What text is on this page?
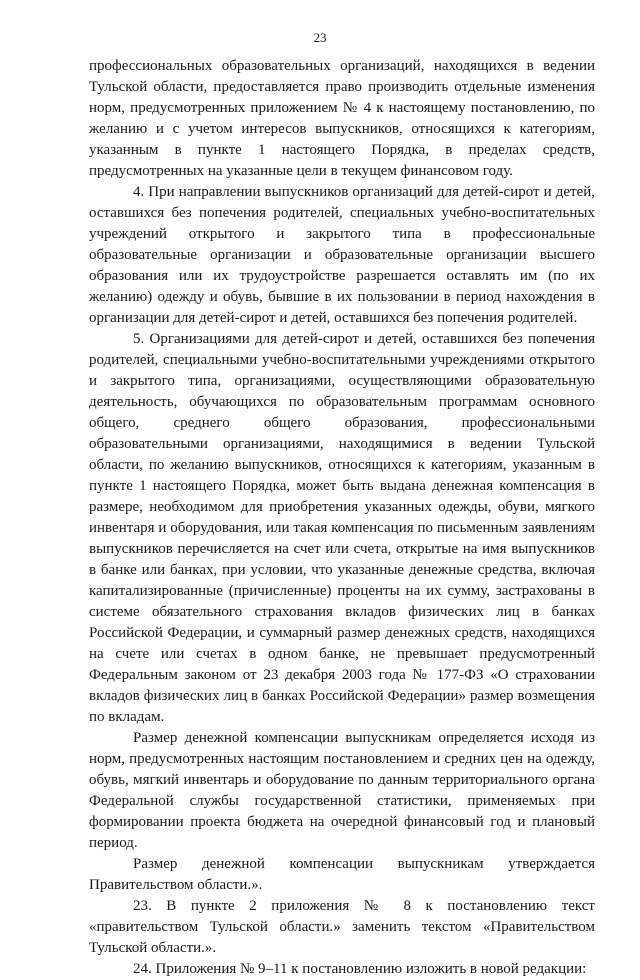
23

профессиональных образовательных организаций, находящихся в ведении Тульской области, предоставляется право производить отдельные изменения норм, предусмотренных приложением № 4 к настоящему постановлению, по желанию и с учетом интересов выпускников, относящихся к категориям, указанным в пункте 1 настоящего Порядка, в пределах средств, предусмотренных на указанные цели в текущем финансовом году.

4. При направлении выпускников организаций для детей-сирот и детей, оставшихся без попечения родителей, специальных учебно-воспитательных учреждений открытого и закрытого типа в профессиональные образовательные организации и образовательные организации высшего образования или их трудоустройстве разрешается оставлять им (по их желанию) одежду и обувь, бывшие в их пользовании в период нахождения в организации для детей-сирот и детей, оставшихся без попечения родителей.

5. Организациями для детей-сирот и детей, оставшихся без попечения родителей, специальными учебно-воспитательными учреждениями открытого и закрытого типа, организациями, осуществляющими образовательную деятельность, обучающихся по образовательным программам основного общего, среднего общего образования, профессиональными образовательными организациями, находящимися в ведении Тульской области, по желанию выпускников, относящихся к категориям, указанным в пункте 1 настоящего Порядка, может быть выдана денежная компенсация в размере, необходимом для приобретения указанных одежды, обуви, мягкого инвентаря и оборудования, или такая компенсация по письменным заявлениям выпускников перечисляется на счет или счета, открытые на имя выпускников в банке или банках, при условии, что указанные денежные средства, включая капитализированные (причисленные) проценты на их сумму, застрахованы в системе обязательного страхования вкладов физических лиц в банках Российской Федерации, и суммарный размер денежных средств, находящихся на счете или счетах в одном банке, не превышает предусмотренный Федеральным законом от 23 декабря 2003 года № 177-ФЗ «О страховании вкладов физических лиц в банках Российской Федерации» размер возмещения по вкладам.

Размер денежной компенсации выпускникам определяется исходя из норм, предусмотренных настоящим постановлением и средних цен на одежду, обувь, мягкий инвентарь и оборудование по данным территориального органа Федеральной службы государственной статистики, применяемых при формировании проекта бюджета на очередной финансовый год и плановый период.

Размер денежной компенсации выпускникам утверждается Правительством области.».

23. В пункте 2 приложения № 8 к постановлению текст «правительством Тульской области.» заменить текстом «Правительством Тульской области.».

24. Приложения № 9–11 к постановлению изложить в новой редакции:
